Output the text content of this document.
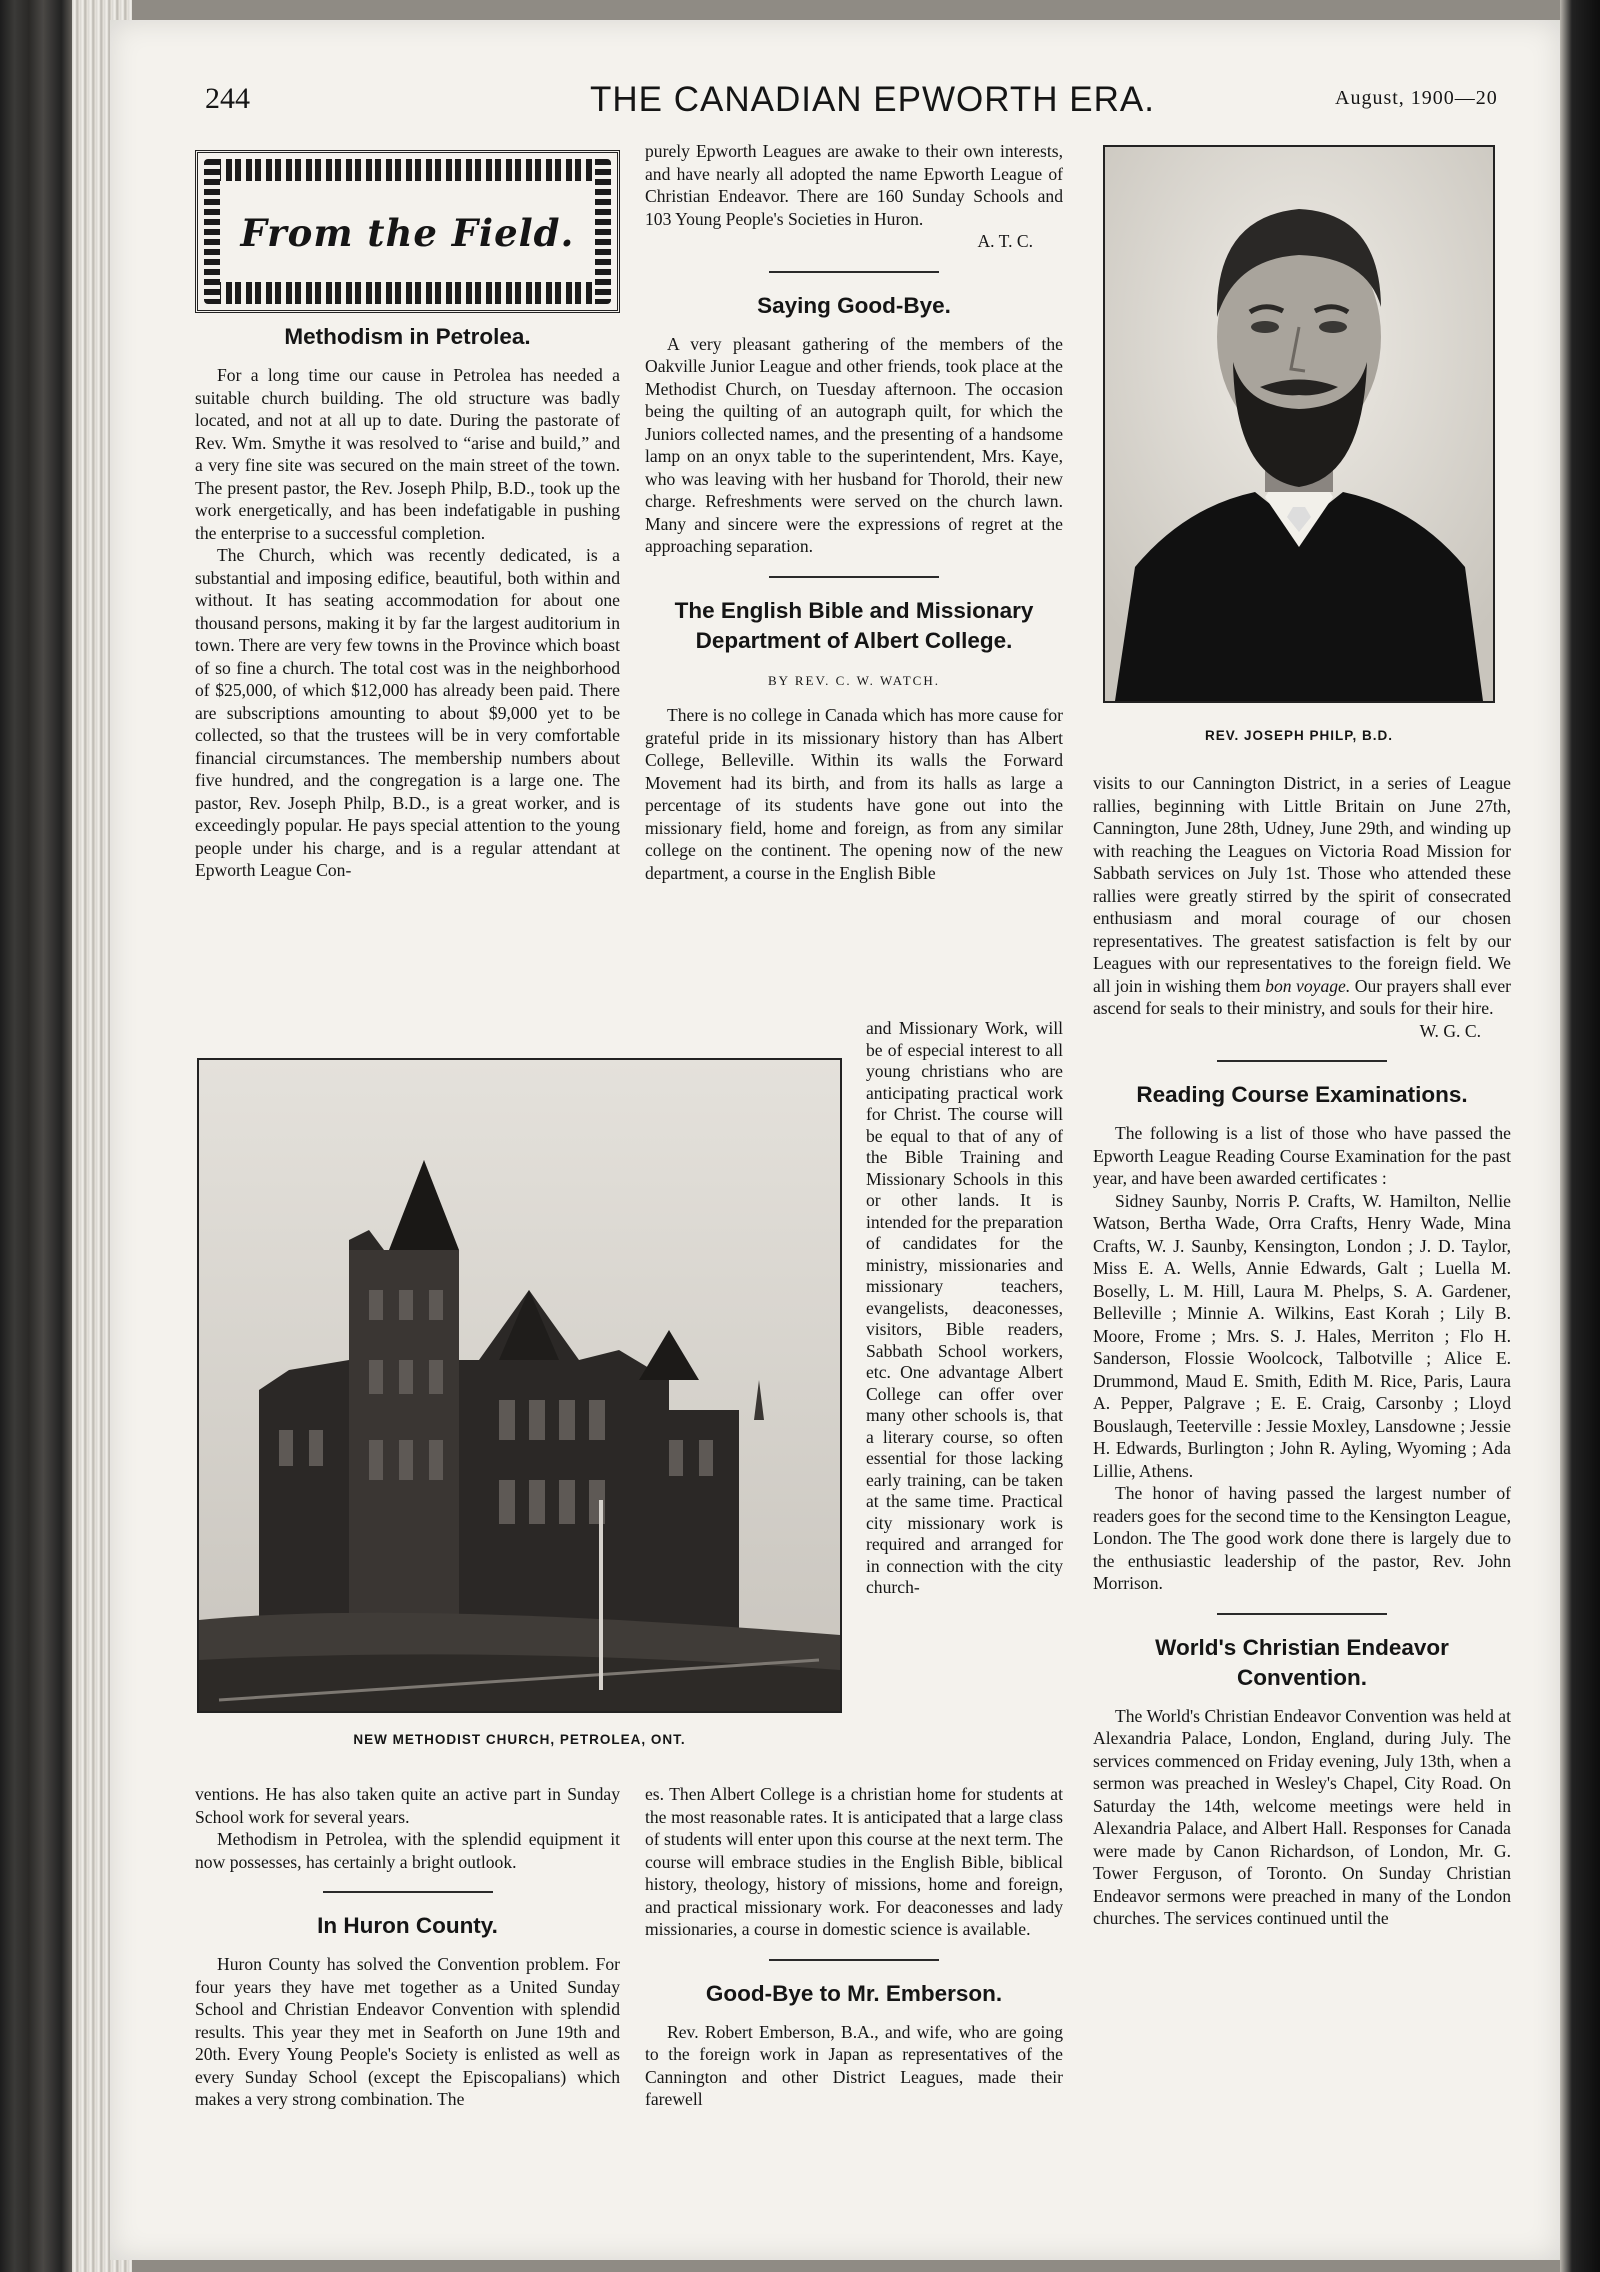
244	THE CANADIAN EPWORTH ERA.	August, 1900—20
From the Field.
Methodism in Petrolea.

For a long time our cause in Petrolea has needed a suitable church building. The old structure was badly located, and not at all up to date. During the pastorate of Rev. Wm. Smythe it was resolved to “arise and build,” and a very fine site was secured on the main street of the town. The present pastor, the Rev. Joseph Philp, B.D., took up the work energetically, and has been indefatigable in pushing the enterprise to a successful completion.

The Church, which was recently dedicated, is a substantial and imposing edifice, beautiful, both within and without. It has seating accommodation for about one thousand persons, making it by far the largest auditorium in town. There are very few towns in the Province which boast of so fine a church. The total cost was in the neighborhood of $25,000, of which $12,000 has already been paid. There are subscriptions amounting to about $9,000 yet to be collected, so that the trustees will be in very comfortable financial circumstances. The membership numbers about five hundred, and the congregation is a large one. The pastor, Rev. Joseph Philp, B.D., is a great worker, and is exceedingly popular. He pays special attention to the young people under his charge, and is a regular attendant at Epworth League Con-

purely Epworth Leagues are awake to their own interests, and have nearly all adopted the name Epworth League of Christian Endeavor. There are 160 Sunday Schools and 103 Young People's Societies in Huron.

A. T. C.

Saying Good-Bye.

A very pleasant gathering of the members of the Oakville Junior League and other friends, took place at the Methodist Church, on Tuesday afternoon. The occasion being the quilting of an autograph quilt, for which the Juniors collected names, and the presenting of a handsome lamp on an onyx table to the superintendent, Mrs. Kaye, who was leaving with her husband for Thorold, their new charge. Refreshments were served on the church lawn. Many and sincere were the expressions of regret at the approaching separation.

The English Bible and Missionary
Department of Albert College.
BY REV. C. W. WATCH.

There is no college in Canada which has more cause for grateful pride in its missionary history than has Albert College, Belleville. Within its walls the Forward Movement had its birth, and from its halls as large a percentage of its students have gone out into the missionary field, home and foreign, as from any similar college on the continent. The opening now of the new department, a course in the English Bible

and Missionary Work, will be of especial interest to all young christians who are anticipating practical work for Christ. The course will be equal to that of any of the Bible Training and Missionary Schools in this or other lands. It is intended for the preparation of candidates for the ministry, missionaries and missionary teachers, evangelists, deaconesses, visitors, Bible readers, Sabbath School workers, etc. One advantage Albert College can offer over many other schools is, that a literary course, so often essential for those lacking early training, can be taken at the same time. Practical city missionary work is required and arranged for in connection with the city church-

REV. JOSEPH PHILP, B.D.
NEW METHODIST CHURCH, PETROLEA, ONT.

ventions. He has also taken quite an active part in Sunday School work for several years.

Methodism in Petrolea, with the splendid equipment it now possesses, has certainly a bright outlook.

In Huron County.

Huron County has solved the Convention problem. For four years they have met together as a United Sunday School and Christian Endeavor Convention with splendid results. This year they met in Seaforth on June 19th and 20th. Every Young People's Society is enlisted as well as every Sunday School (except the Episcopalians) which makes a very strong combination. The

es. Then Albert College is a christian home for students at the most reasonable rates. It is anticipated that a large class of students will enter upon this course at the next term. The course will embrace studies in the English Bible, biblical history, theology, history of missions, home and foreign, and practical missionary work. For deaconesses and lady missionaries, a course in domestic science is available.

Good-Bye to Mr. Emberson.

Rev. Robert Emberson, B.A., and wife, who are going to the foreign work in Japan as representatives of the Cannington and other District Leagues, made their farewell

visits to our Cannington District, in a series of League rallies, beginning with Little Britain on June 27th, Cannington, June 28th, Udney, June 29th, and winding up with reaching the Leagues on Victoria Road Mission for Sabbath services on July 1st. Those who attended these rallies were greatly stirred by the spirit of consecrated enthusiasm and moral courage of our chosen representatives. The greatest satisfaction is felt by our Leagues with our representatives to the foreign field. We all join in wishing them bon voyage. Our prayers shall ever ascend for seals to their ministry, and souls for their hire.

W. G. C.

Reading Course Examinations.

The following is a list of those who have passed the Epworth League Reading Course Examination for the past year, and have been awarded certificates :

Sidney Saunby, Norris P. Crafts, W. Hamilton, Nellie Watson, Bertha Wade, Orra Crafts, Henry Wade, Mina Crafts, W. J. Saunby, Kensington, London ; J. D. Taylor, Miss E. A. Wells, Annie Edwards, Galt ; Luella M. Boselly, L. M. Hill, Laura M. Phelps, S. A. Gardener, Belleville ; Minnie A. Wilkins, East Korah ; Lily B. Moore, Frome ; Mrs. S. J. Hales, Merriton ; Flo H. Sanderson, Flossie Woolcock, Talbotville ; Alice E. Drummond, Maud E. Smith, Edith M. Rice, Paris, Laura A. Pepper, Palgrave ; E. E. Craig, Carsonby ; Lloyd Bouslaugh, Teeterville : Jessie Moxley, Lansdowne ; Jessie H. Edwards, Burlington ; John R. Ayling, Wyoming ; Ada Lillie, Athens.

The honor of having passed the largest number of readers goes for the second time to the Kensington League, London. The The good work done there is largely due to the enthusiastic leadership of the pastor, Rev. John Morrison.

World's Christian Endeavor
Convention.

The World's Christian Endeavor Convention was held at Alexandria Palace, London, England, during July. The services commenced on Friday evening, July 13th, when a sermon was preached in Wesley's Chapel, City Road. On Saturday the 14th, welcome meetings were held in Alexandria Palace, and Albert Hall. Responses for Canada were made by Canon Richardson, of London, Mr. G. Tower Ferguson, of Toronto. On Sunday Christian Endeavor sermons were preached in many of the London churches. The services continued until the
